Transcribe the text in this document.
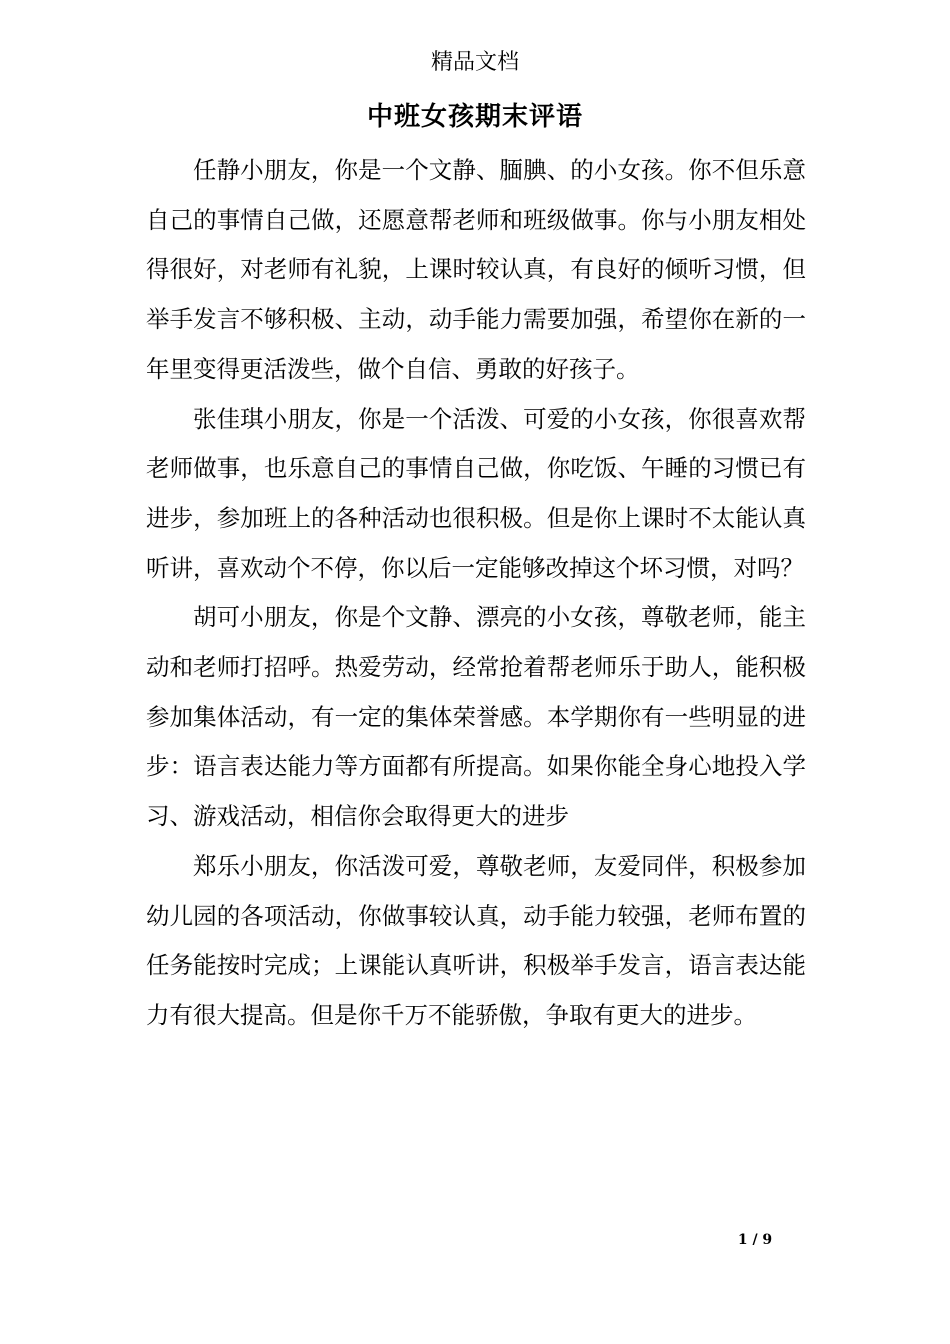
精品文档
中班女孩期末评语

任静小朋友，你是一个文静、腼腆、的小女孩。你不但乐意自己的事情自己做，还愿意帮老师和班级做事。你与小朋友相处得很好，对老师有礼貌，上课时较认真，有良好的倾听习惯，但举手发言不够积极、主动，动手能力需要加强，希望你在新的一年里变得更活泼些，做个自信、勇敢的好孩子。

张佳琪小朋友，你是一个活泼、可爱的小女孩，你很喜欢帮老师做事，也乐意自己的事情自己做，你吃饭、午睡的习惯已有进步，参加班上的各种活动也很积极。但是你上课时不太能认真听讲，喜欢动个不停，你以后一定能够改掉这个坏习惯，对吗？

胡可小朋友，你是个文静、漂亮的小女孩，尊敬老师，能主动和老师打招呼。热爱劳动，经常抢着帮老师乐于助人，能积极参加集体活动，有一定的集体荣誉感。本学期你有一些明显的进步：语言表达能力等方面都有所提高。如果你能全身心地投入学习、游戏活动，相信你会取得更大的进步

郑乐小朋友，你活泼可爱，尊敬老师，友爱同伴，积极参加幼儿园的各项活动，你做事较认真，动手能力较强，老师布置的任务能按时完成；上课能认真听讲，积极举手发言，语言表达能力有很大提高。但是你千万不能骄傲，争取有更大的进步。

1 / 9
